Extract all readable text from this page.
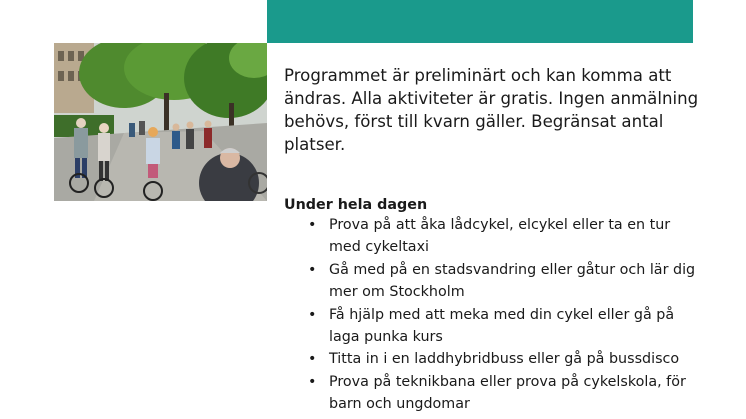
Programmet är preliminärt och kan komma att ändras. Alla aktiviteter är gratis. Ingen anmälning behövs, först till kvarn gäller. Begränsat antal platser.

Under hela dagen

• Prova på att åka lådcykel, elcykel eller ta en tur med cykeltaxi
• Gå med på en stadsvandring eller gåtur och lär dig mer om Stockholm
• Få hjälp med att meka med din cykel eller gå på laga punka kurs
• Titta in i en laddhybridbuss eller gå på bussdisco
• Prova på teknikbana eller prova på cykelskola, för barn och ungdomar
